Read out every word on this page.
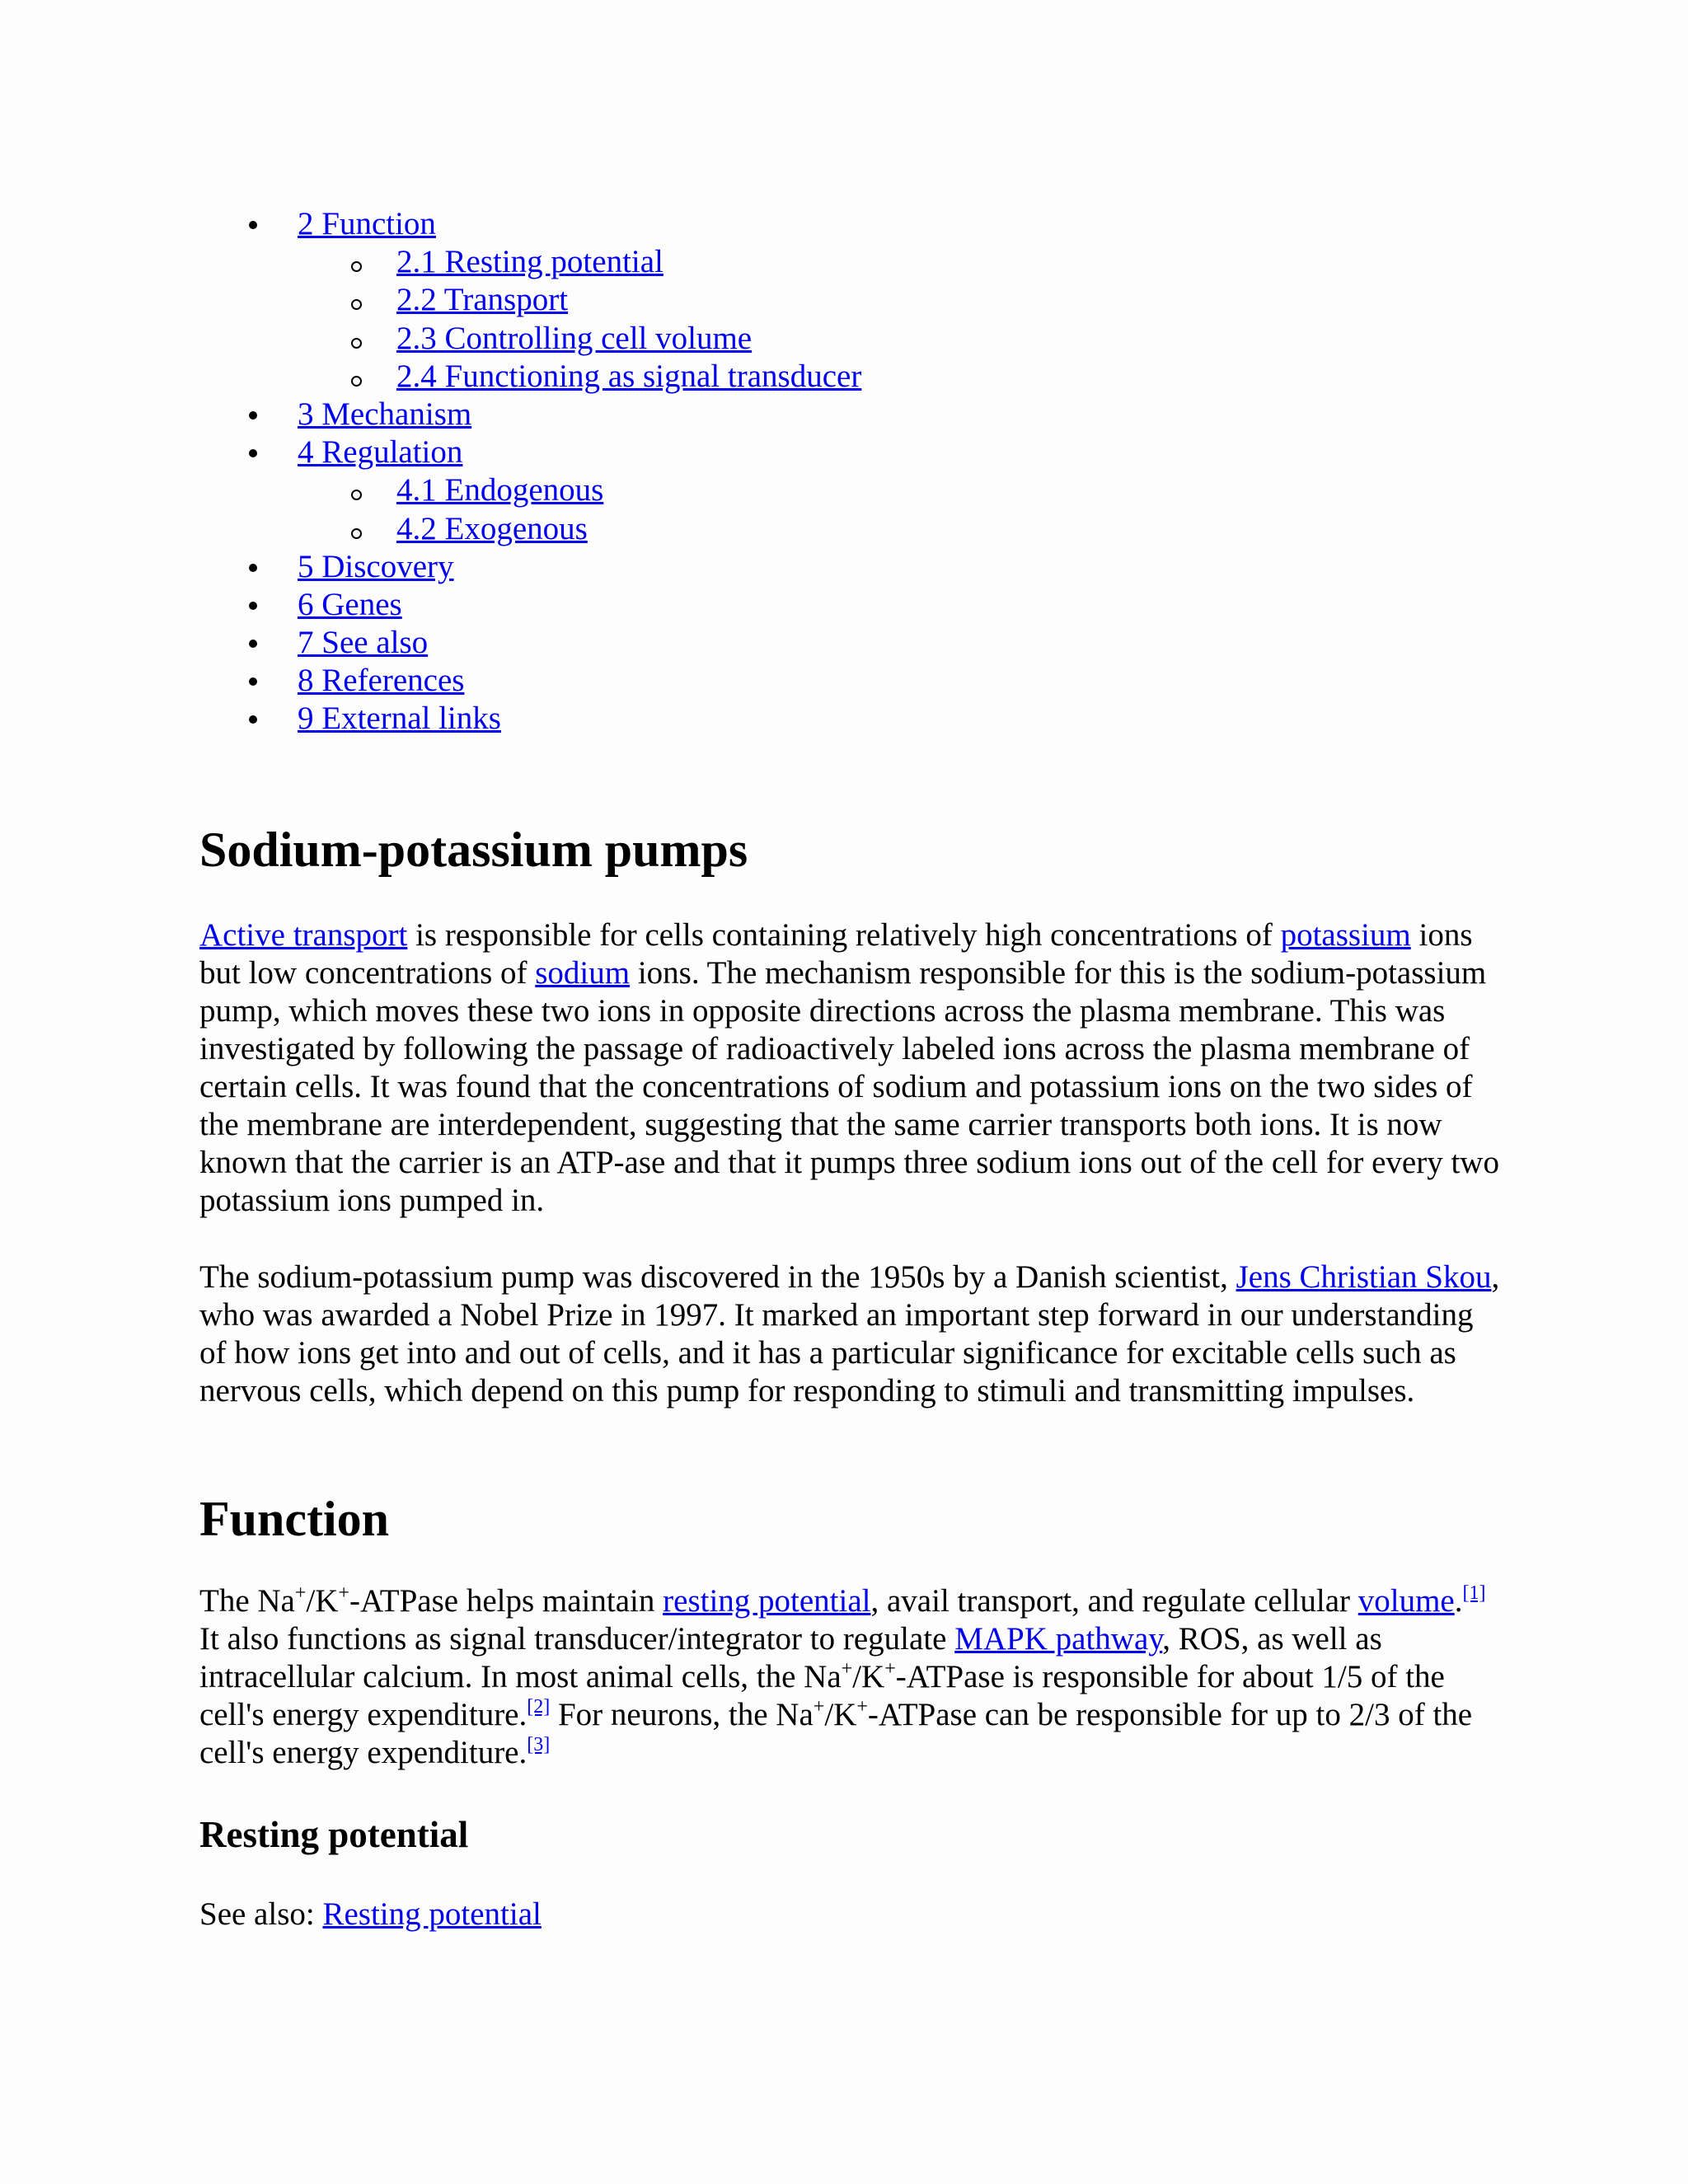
2 Function
2.1 Resting potential
2.2 Transport
2.3 Controlling cell volume
2.4 Functioning as signal transducer
3 Mechanism
4 Regulation
4.1 Endogenous
4.2 Exogenous
5 Discovery
6 Genes
7 See also
8 References
9 External links
Sodium-potassium pumps

Active transport is responsible for cells containing relatively high concentrations of potassium ions but low concentrations of sodium ions. The mechanism responsible for this is the sodium-potassium pump, which moves these two ions in opposite directions across the plasma membrane. This was investigated by following the passage of radioactively labeled ions across the plasma membrane of certain cells. It was found that the concentrations of sodium and potassium ions on the two sides of the membrane are interdependent, suggesting that the same carrier transports both ions. It is now known that the carrier is an ATP-ase and that it pumps three sodium ions out of the cell for every two potassium ions pumped in.

The sodium-potassium pump was discovered in the 1950s by a Danish scientist, Jens Christian Skou, who was awarded a Nobel Prize in 1997. It marked an important step forward in our understanding of how ions get into and out of cells, and it has a particular significance for excitable cells such as nervous cells, which depend on this pump for responding to stimuli and transmitting impulses.

Function

The Na+/K+-ATPase helps maintain resting potential, avail transport, and regulate cellular volume.[1] It also functions as signal transducer/integrator to regulate MAPK pathway, ROS, as well as intracellular calcium. In most animal cells, the Na+/K+-ATPase is responsible for about 1/5 of the cell's energy expenditure.[2] For neurons, the Na+/K+-ATPase can be responsible for up to 2/3 of the cell's energy expenditure.[3]

Resting potential

See also: Resting potential
